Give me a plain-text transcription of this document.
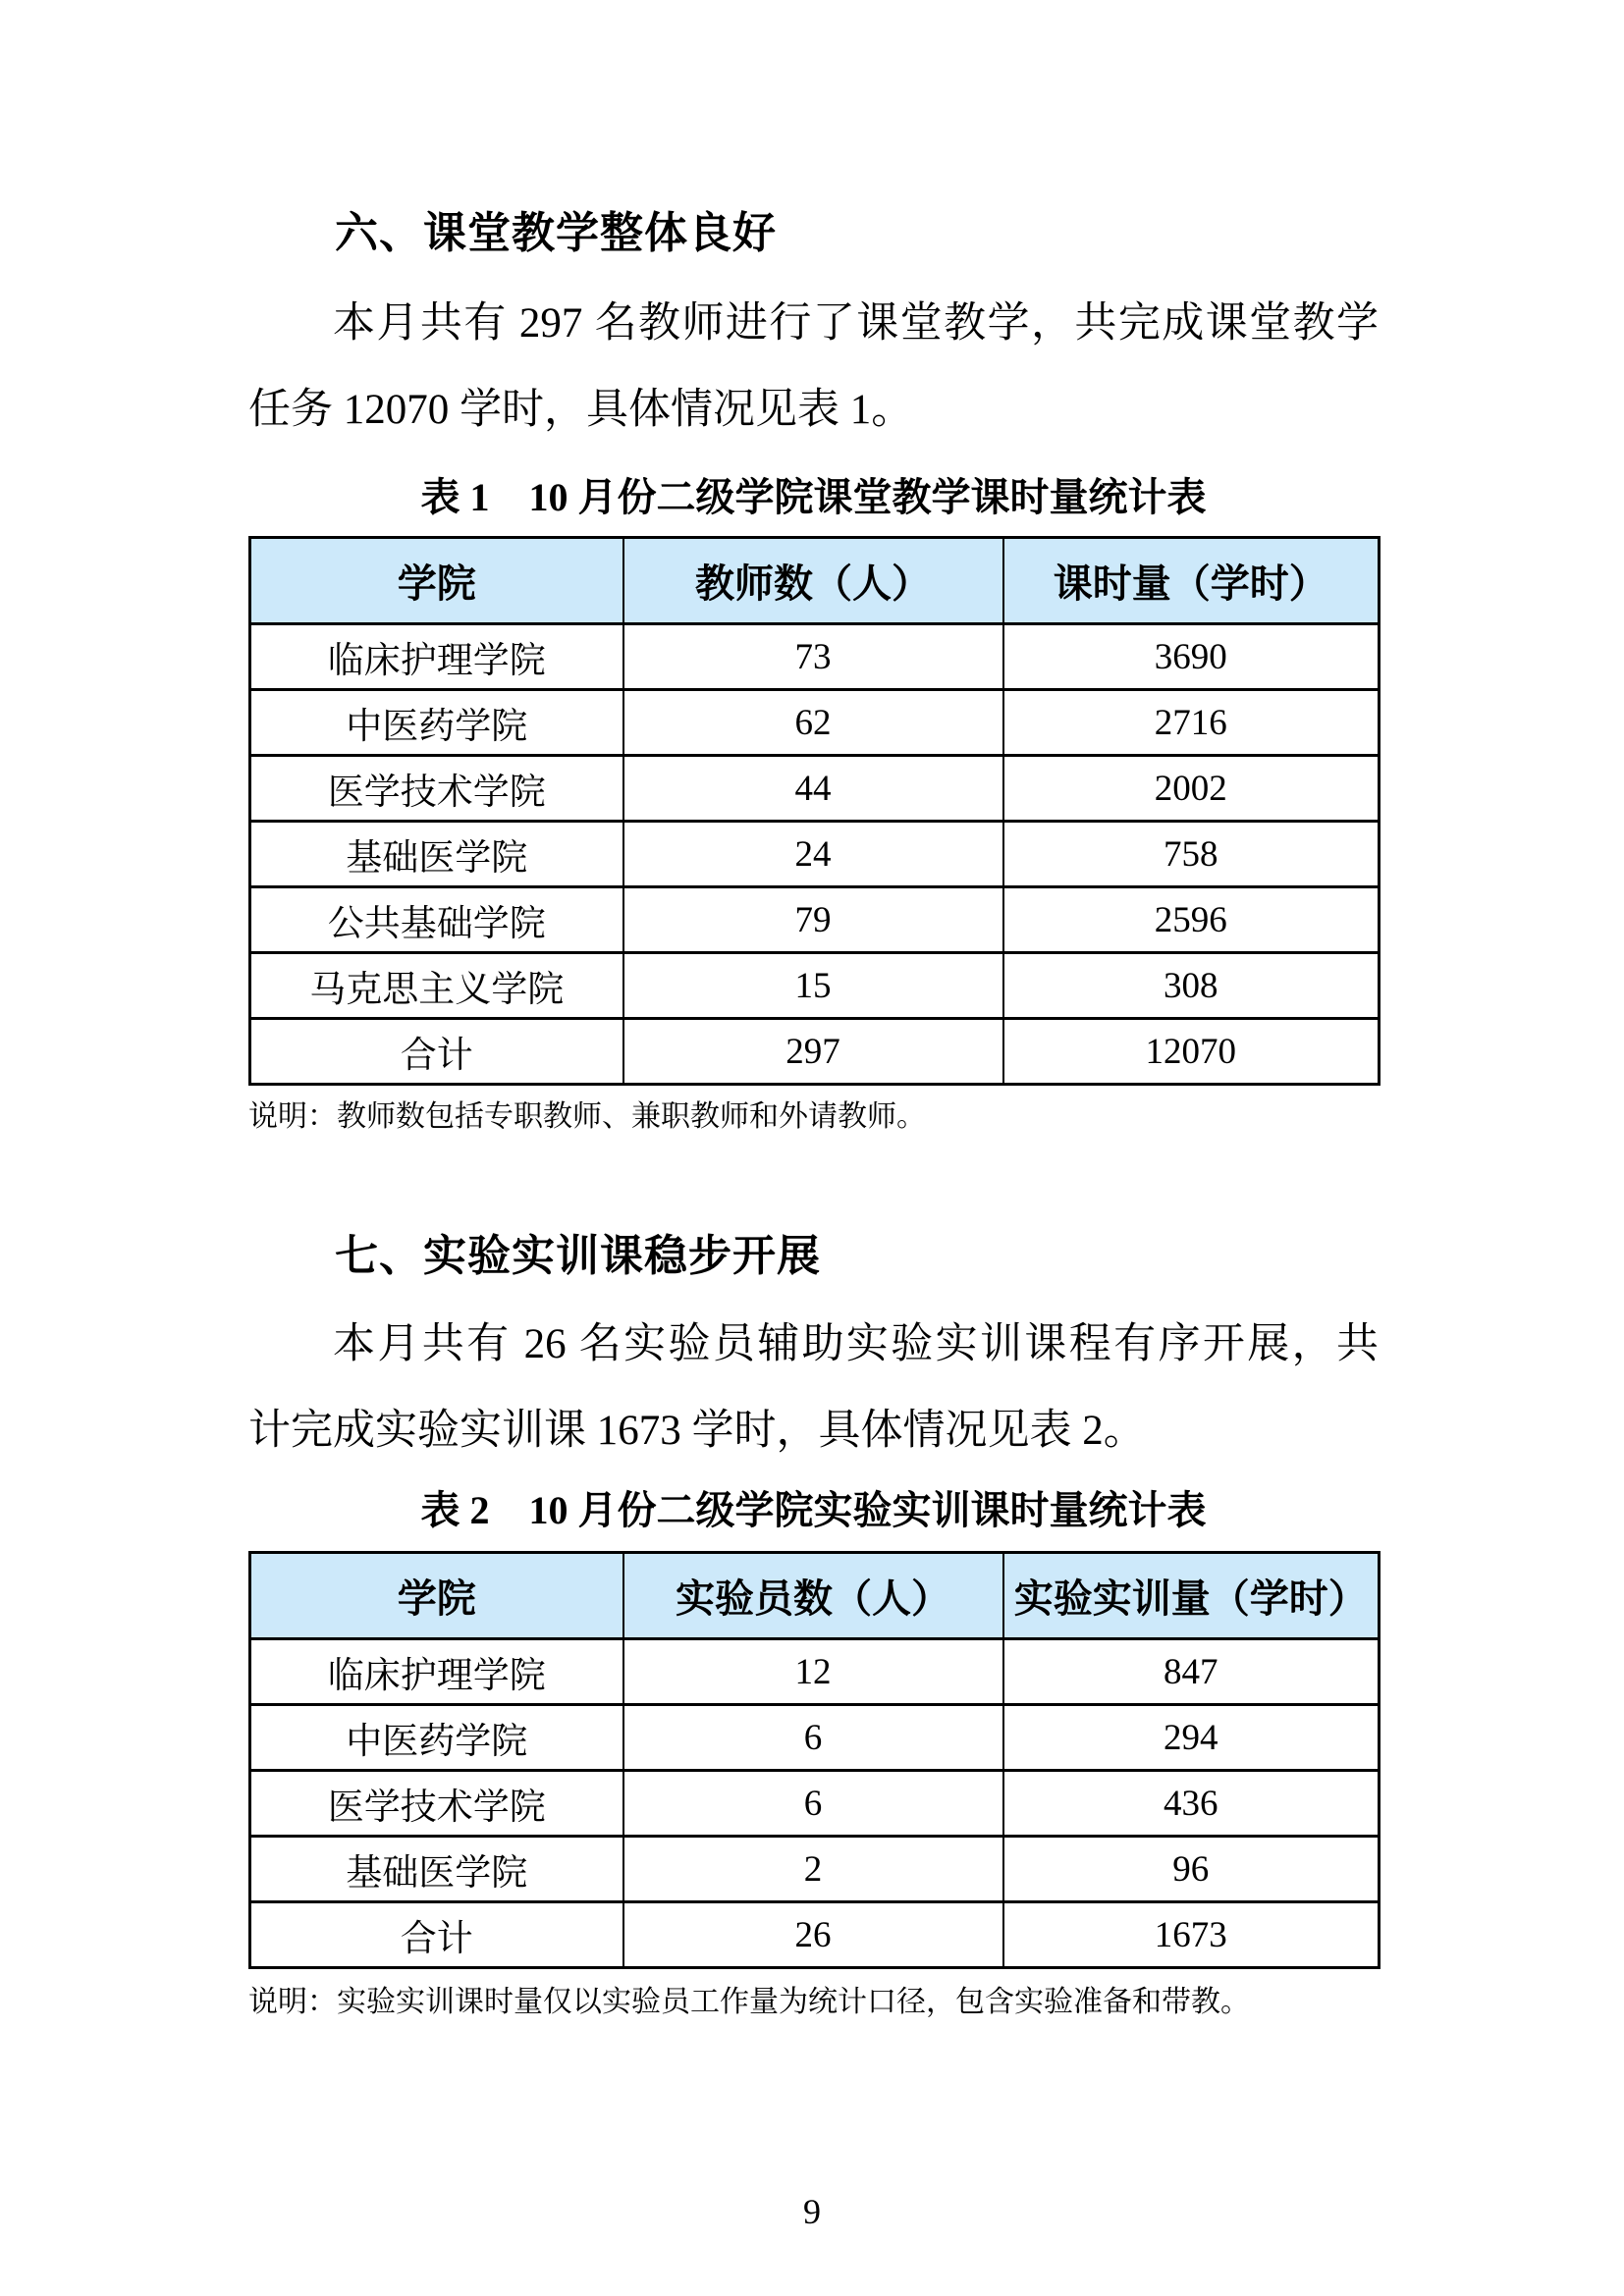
六、课堂教学整体良好
本月共有 297 名教师进行了课堂教学，共完成课堂教学
任务 12070 学时，具体情况见表 1。
表 1　10 月份二级学院课堂教学课时量统计表
学院	教师数（人）	课时量（学时）
临床护理学院	73	3690
中医药学院	62	2716
医学技术学院	44	2002
基础医学院	24	758
公共基础学院	79	2596
马克思主义学院	15	308
合计	297	12070
说明：教师数包括专职教师、兼职教师和外请教师。
七、实验实训课稳步开展
本月共有 26 名实验员辅助实验实训课程有序开展，共
计完成实验实训课 1673 学时，具体情况见表 2。
表 2　10 月份二级学院实验实训课时量统计表
学院	实验员数（人）	实验实训量（学时）
临床护理学院	12	847
中医药学院	6	294
医学技术学院	6	436
基础医学院	2	96
合计	26	1673
说明：实验实训课时量仅以实验员工作量为统计口径，包含实验准备和带教。
9
